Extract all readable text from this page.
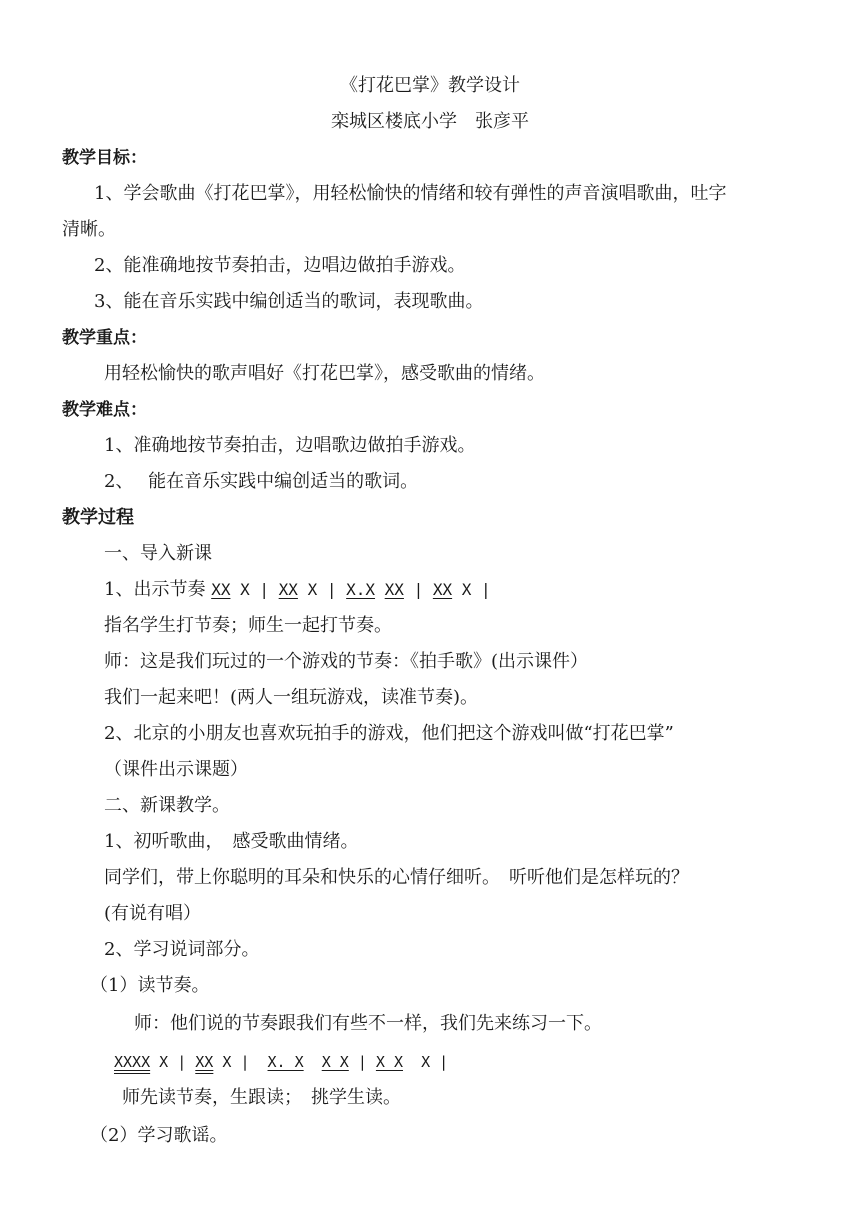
《打花巴掌》教学设计
栾城区楼底小学　张彦平
教学目标：
1、学会歌曲《打花巴掌》，用轻松愉快的情绪和较有弹性的声音演唱歌曲，吐字
清晰。
2、能准确地按节奏拍击，边唱边做拍手游戏。
3、能在音乐实践中编创适当的歌词，表现歌曲。
教学重点：
用轻松愉快的歌声唱好《打花巴掌》，感受歌曲的情绪。
教学难点：
1、准确地按节奏拍击，边唱歌边做拍手游戏。
2、　 能在音乐实践中编创适当的歌词。
教学过程
一、导入新课
1、出示节奏 XX X | XX X | X.X XX | XX X |
指名学生打节奏；师生一起打节奏。
师：这是我们玩过的一个游戏的节奏：《拍手歌》(出示课件）
我们一起来吧！(两人一组玩游戏，读准节奏)。
2、北京的小朋友也喜欢玩拍手的游戏，他们把这个游戏叫做“打花巴掌”
（课件出示课题）
二、新课教学。
1、初听歌曲，　感受歌曲情绪。
同学们，带上你聪明的耳朵和快乐的心情仔细听。　听听他们是怎样玩的？
(有说有唱）
2、学习说词部分。
（1）读节奏。
师：他们说的节奏跟我们有些不一样，我们先来练习一下。
XXXX X | XX X | X. X X X | X X X |
师先读节奏，生跟读；　挑学生读。
（2）学习歌谣。
